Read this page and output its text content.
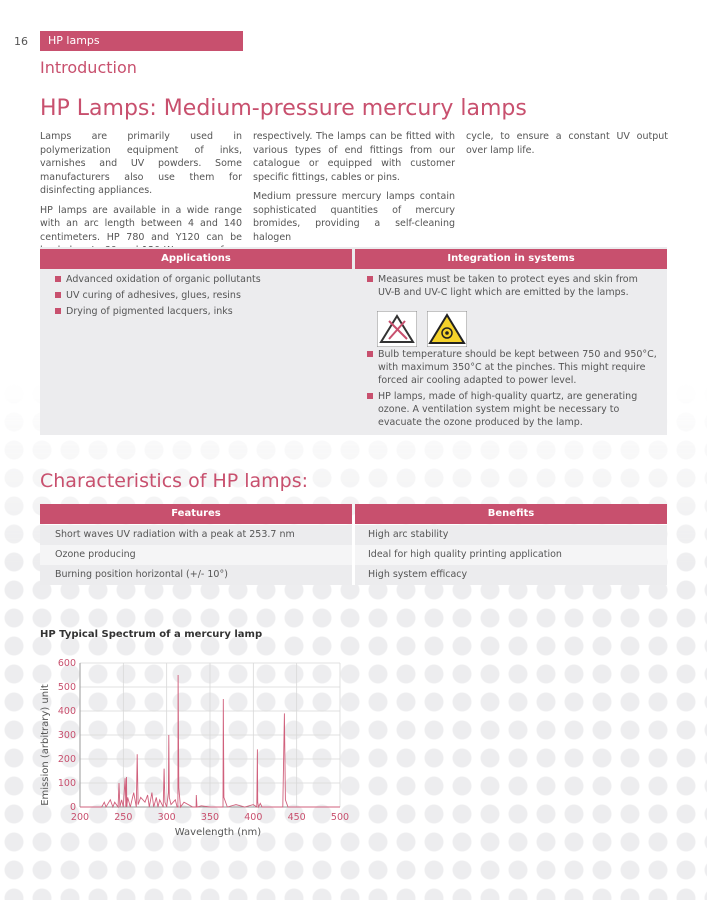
16	HP lamps
Introduction
HP Lamps: Medium-pressure mercury lamps

Lamps are primarily used in polymerization equipment of inks, varnishes and UV powders. Some manufacturers also use them for disinfecting appliances.

HP lamps are available in a wide range with an arc length between 4 and 140 centimeters. HP 780 and Y120 can be

respectively. The lamps can be fitted with various types of end fittings from our catalogue or equipped with customer specific fittings, cables or pins.

Medium pressure mercury lamps contain sophisticated quantities of mercury bromides, providing a self-cleaning halogen

cycle, to ensure a constant UV output over lamp life.

Applications	Integration in systems
Advanced oxidation of organic pollutants
UV curing of adhesives, glues, resins
Drying of pigmented lacquers, inks
Measures must be taken to protect eyes and skin from UV-B and UV-C light which are emitted by the lamps.
Bulb temperature should be kept between 750 and 950°C, with maximum 350°C at the pinches. This might require forced air cooling adapted to power level.
HP lamps, made of high-quality quartz, are generating ozone. A ventilation system might be necessary to evacuate the ozone produced by the lamp.
Characteristics of HP lamps:
Features	Benefits
Short waves UV radiation with a peak at 253.7 nm	High arc stability
Ozone producing	Ideal for high quality printing application
Burning position horizontal (+/- 10°)	High system efficacy
HP Typical Spectrum of a mercury lamp
0
100
200
300
400
500
600
200	250	300	350	400	450	500
Wavelength (nm)
Emission (arbitrary) unit
